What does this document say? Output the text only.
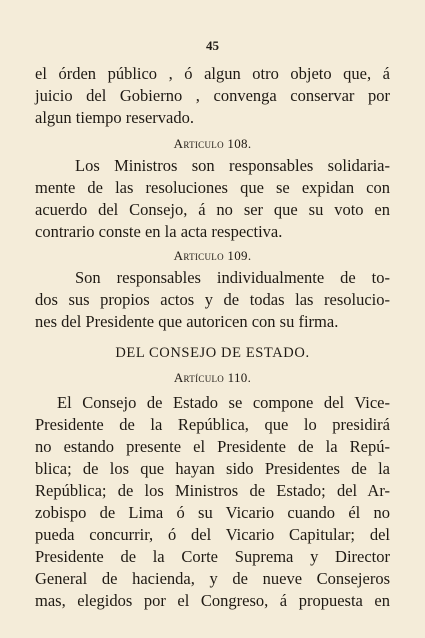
45
el órden público , ó algun otro objeto que, á
juicio del Gobierno , convenga conservar por
algun tiempo reservado.
Articulo 108.
Los Ministros son responsables solidaria-
mente de las resoluciones que se expidan con
acuerdo del Consejo, á no ser que su voto en
contrario conste en la acta respectiva.
Articulo 109.
Son responsables individualmente de to-
dos sus propios actos y de todas las resolucio-
nes del Presidente que autoricen con su firma.
DEL CONSEJO DE ESTADO.
Artículo 110.
El Consejo de Estado se compone del Vice-
Presidente de la República, que lo presidirá
no estando presente el Presidente de la Repú-
blica; de los que hayan sido Presidentes de la
República; de los Ministros de Estado; del Ar-
zobispo de Lima ó su Vicario cuando él no
pueda concurrir, ó del Vicario Capitular; del
Presidente de la Corte Suprema y Director
General de hacienda, y de nueve Consejeros
mas, elegidos por el Congreso, á propuesta en
